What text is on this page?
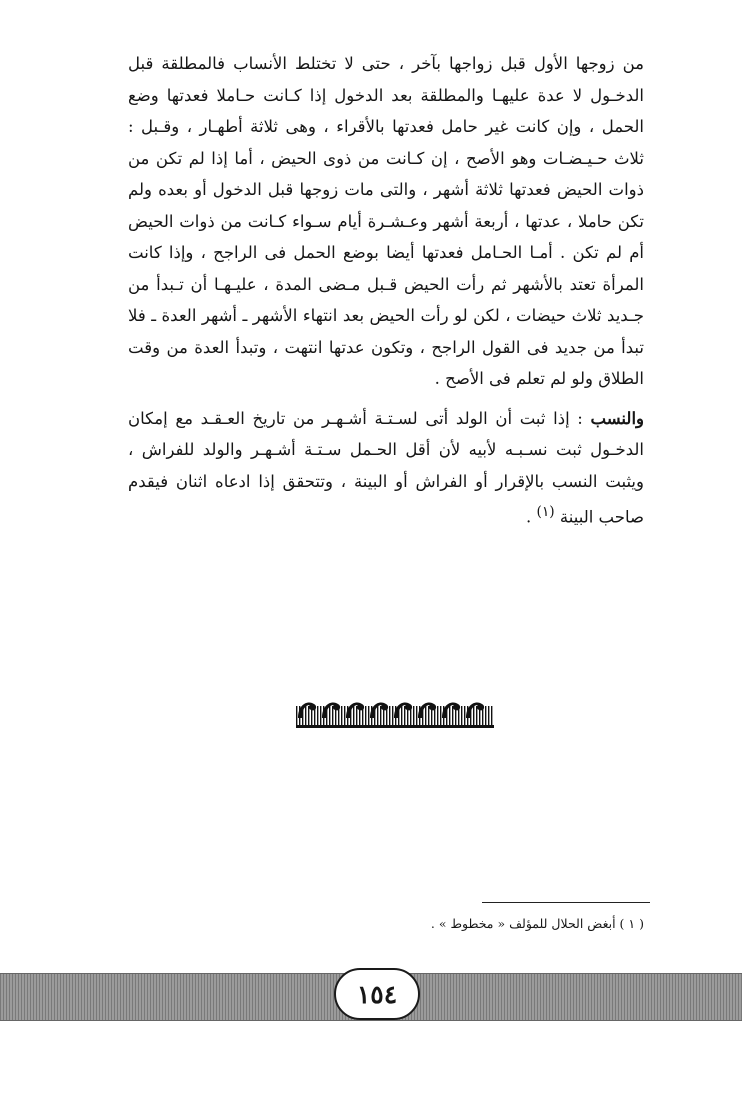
من زوجها الأول قبل زواجها بآخر ، حتى لا تختلط الأنساب فالمطلقة قبل الدخـول لا عدة عليهـا والمطلقة بعد الدخول إذا كـانت حـاملا فعدتها وضع الحمل ، وإن كانت غير حامل فعدتها بالأقراء ، وهى ثلاثة أطهـار ، وقـبل : ثلاث حـيـضـات وهو الأصح ، إن كـانت من ذوى الحيض ، أما إذا لم تكن من ذوات الحيض فعدتها ثلاثة أشهر ، والتى مات زوجها قبل الدخول أو بعده ولم تكن حاملا ، عدتها ، أربعة أشهر وعـشـرة أيام سـواء كـانت من ذوات الحيض أم لم تكن . أمـا الحـامل فعدتها أيضا بوضع الحمل فى الراجح ، وإذا كانت المرأة تعتد بالأشهر ثم رأت الحيض قـبل مـضى المدة ، عليـهـا أن تـبدأ من جـديد ثلاث حيضات ، لكن لو رأت الحيض بعد انتهاء الأشهر ـ أشهر العدة ـ فلا تبدأ من جديد فى القول الراجح ، وتكون عدتها انتهت ، وتبدأ العدة من وقت الطلاق ولو لم تعلم فى الأصح .

والنسب : إذا ثبت أن الولد أتى لسـتـة أشـهـر من تاريخ العـقـد مع إمكان الدخـول ثبت نسـبـه لأبيه لأن أقل الحـمل سـتـة أشـهـر والولد للفراش ، ويثبت النسب بالإقرار أو الفراش أو البينة ، وتتحقق إذا ادعاه اثنان فيقدم صاحب البينة $^{(١)}$ .

( ١ ) أبغض الحلال للمؤلف « مخطوط » .
١٥٤
